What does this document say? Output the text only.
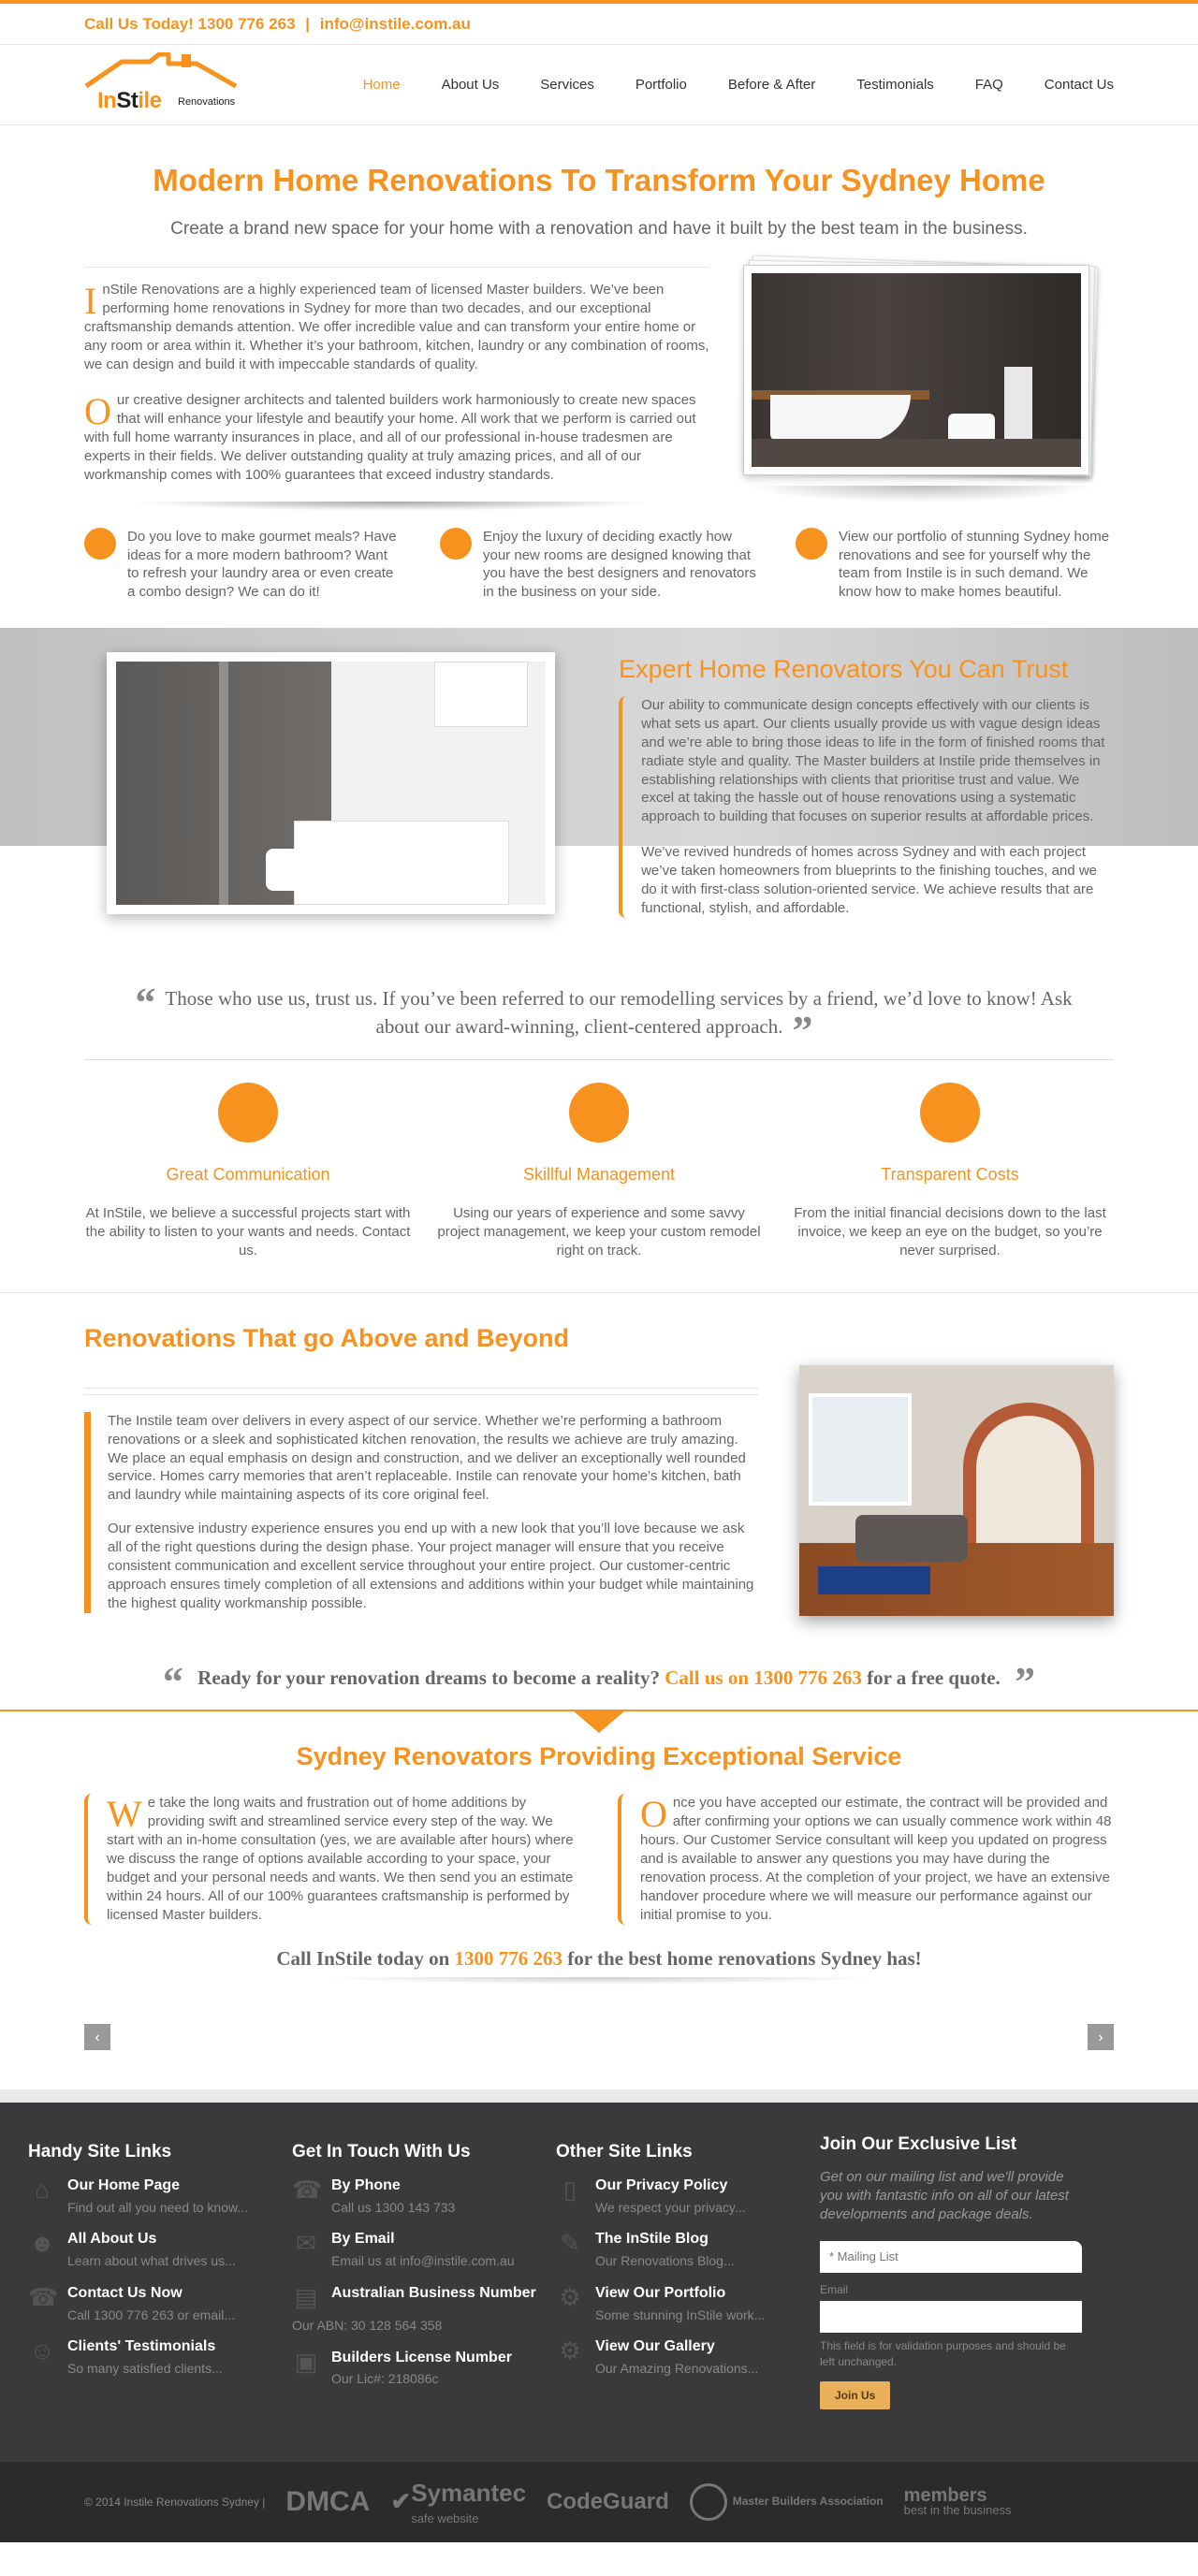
Call Us Today! 1300 776 263 | info@instile.com.au
InStile Renovations
Home	About Us	Services	Portfolio	Before & After	Testimonials	FAQ	Contact Us
Modern Home Renovations To Transform Your Sydney Home

Create a brand new space for your home with a renovation and have it built by the best team in the business.

InStile Renovations are a highly experienced team of licensed Master builders. We’ve been performing home renovations in Sydney for more than two decades, and our exceptional craftsmanship demands attention. We offer incredible value and can transform your entire home or any room or area within it. Whether it’s your bathroom, kitchen, laundry or any combination of rooms, we can design and build it with impeccable standards of quality.

Our creative designer architects and talented builders work harmoniously to create new spaces that will enhance your lifestyle and beautify your home. All work that we perform is carried out with full home warranty insurances in place, and all of our professional in-house tradesmen are experts in their fields. We deliver outstanding quality at truly amazing prices, and all of our workmanship comes with 100% guarantees that exceed industry standards.

Do you love to make gourmet meals? Have ideas for a more modern bathroom? Want to refresh your laundry area or even create a combo design? We can do it!

Enjoy the luxury of deciding exactly how your new rooms are designed knowing that you have the best designers and renovators in the business on your side.

View our portfolio of stunning Sydney home renovations and see for yourself why the team from Instile is in such demand. We know how to make homes beautiful.

Expert Home Renovators You Can Trust

Our ability to communicate design concepts effectively with our clients is what sets us apart. Our clients usually provide us with vague design ideas and we’re able to bring those ideas to life in the form of finished rooms that radiate style and quality. The Master builders at Instile pride themselves in establishing relationships with clients that prioritise trust and value. We excel at taking the hassle out of house renovations using a systematic approach to building that focuses on superior results at affordable prices.

We’ve revived hundreds of homes across Sydney and with each project we’ve taken homeowners from blueprints to the finishing touches, and we do it with first-class solution-oriented service. We achieve results that are functional, stylish, and affordable.

“ Those who use us, trust us. If you’ve been referred to our remodelling services by a friend, we’d love to know! Ask about our award-winning, client-centered approach. ”

Great Communication

At InStile, we believe a successful projects start with the ability to listen to your wants and needs. Contact us.

Skillful Management

Using our years of experience and some savvy project management, we keep your custom remodel right on track.

Transparent Costs

From the initial financial decisions down to the last invoice, we keep an eye on the budget, so you’re never surprised.

Renovations That go Above and Beyond

The Instile team over delivers in every aspect of our service. Whether we’re performing a bathroom renovations or a sleek and sophisticated kitchen renovation, the results we achieve are truly amazing. We place an equal emphasis on design and construction, and we deliver an exceptionally well rounded service. Homes carry memories that aren’t replaceable. Instile can renovate your home’s kitchen, bath and laundry while maintaining aspects of its core original feel.

Our extensive industry experience ensures you end up with a new look that you’ll love because we ask all of the right questions during the design phase. Your project manager will ensure that you receive consistent communication and excellent service throughout your entire project. Our customer-centric approach ensures timely completion of all extensions and additions within your budget while maintaining the highest quality workmanship possible.

“ Ready for your renovation dreams to become a reality? Call us on 1300 776 263 for a free quote. ”

Sydney Renovators Providing Exceptional Service
We take the long waits and frustration out of home additions by providing swift and streamlined service every step of the way. We start with an in-home consultation (yes, we are available after hours) where we discuss the range of options available according to your space, your budget and your personal needs and wants. We then send you an estimate within 24 hours. All of our 100% guarantees craftsmanship is performed by licensed Master builders.
Once you have accepted our estimate, the contract will be provided and after confirming your options we can usually commence work within 48 hours. Our Customer Service consultant will keep you updated on progress and is available to answer any questions you may have during the renovation process. At the completion of your project, we have an extensive handover procedure where we will measure our performance against our initial promise to you.

Call InStile today on 1300 776 263 for the best home renovations Sydney has!

‹	›
Handy Site Links
⌂	Our Home Page
Find out all you need to know...
☻ All About Us
Learn about what drives us...
☎ Contact Us Now
Call 1300 776 263 or email...
☺ Clients' Testimonials
So many satisfied clients...
Get In Touch With Us
☎ By Phone
Call us 1300 143 733
✉ By Email
Email us at info@instile.com.au
▤ Australian Business Number
Our ABN: 30 128 564 358
▣ Builders License Number
Our Lic#: 218086c
Other Site Links
▯	Our Privacy Policy
We respect your privacy...
✎ The InStile Blog
Our Renovations Blog...
⚙ View Our Portfolio
Some stunning InStile work...
⚙ View Our Gallery
Our Amazing Renovations...
Join Our Exclusive List

Get on our mailing list and we'll provide you with fantastic info on all of our latest developments and package deals.

* Mailing List
Email
This field is for validation purposes and should be left unchanged.
Join Us
© 2014 Instile Renovations Sydney | DMCA ✔ Symantec
safe website
CodeGuard	Master Builders Association members
best in the business
